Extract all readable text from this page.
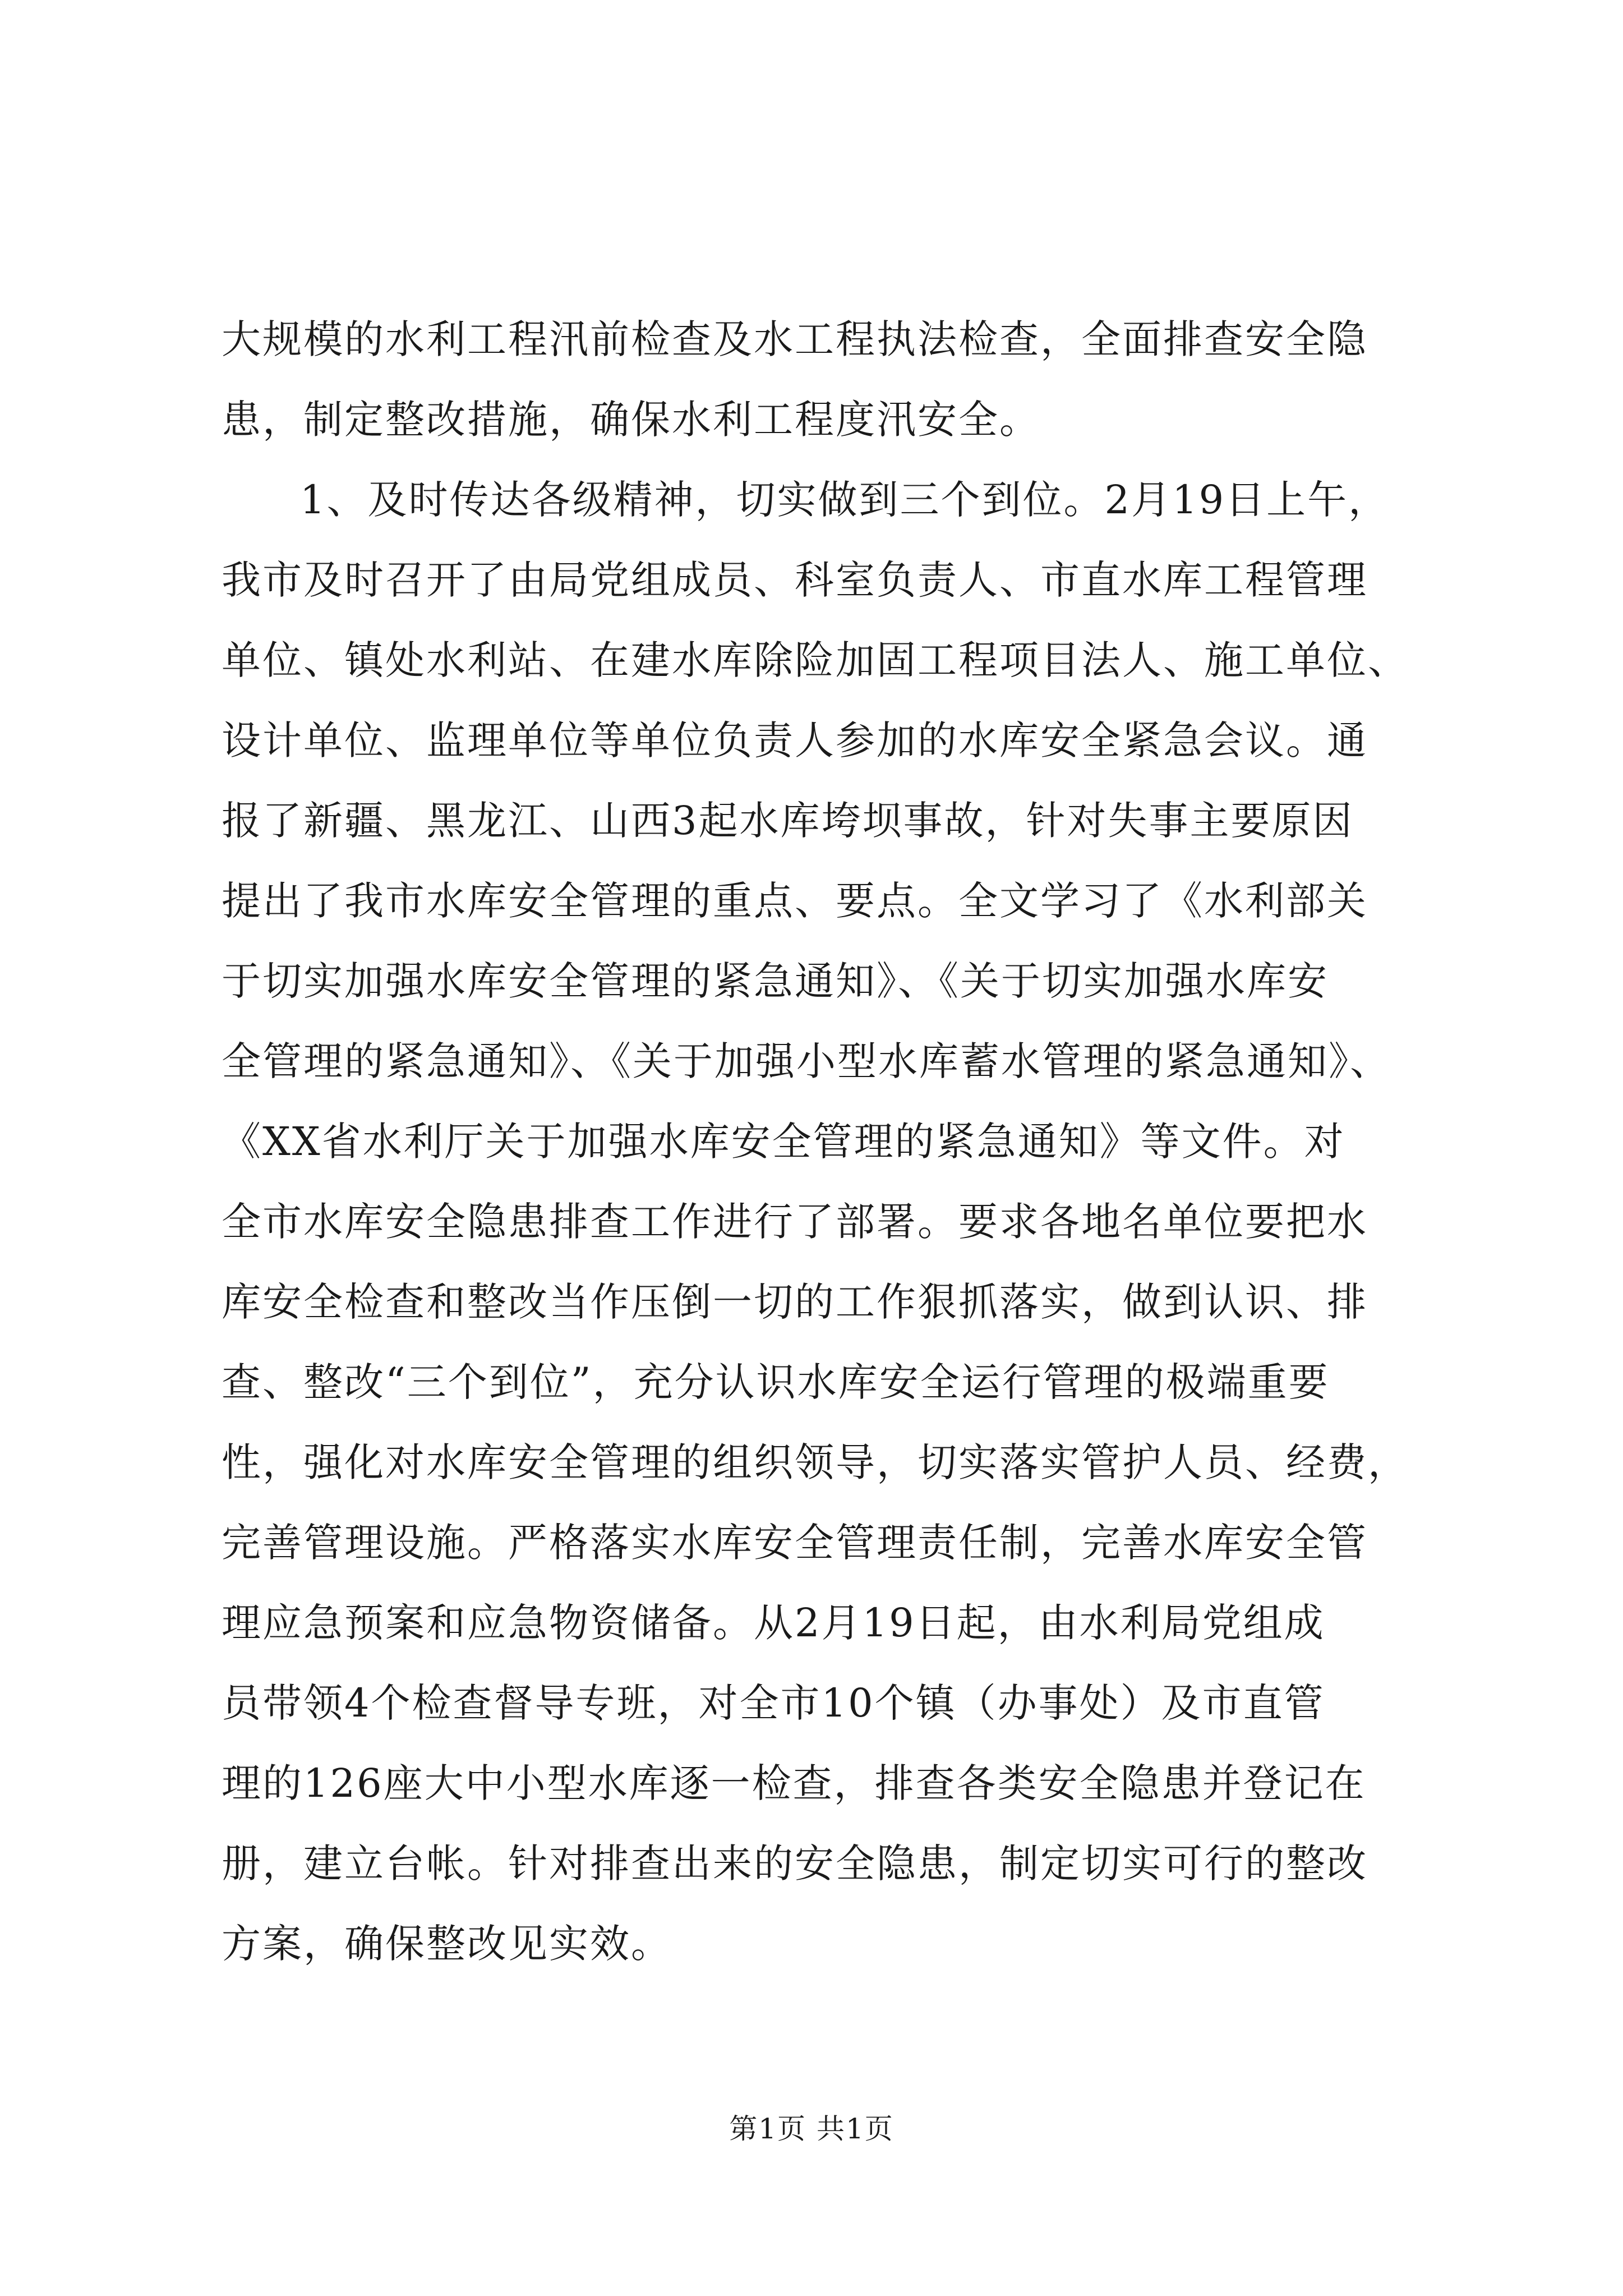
大规模的水利工程汛前检查及水工程执法检查，全面排查安全隐
患，制定整改措施，确保水利工程度汛安全。
1、及时传达各级精神，切实做到三个到位。2月19日上午，
我市及时召开了由局党组成员、科室负责人、市直水库工程管理
单位、镇处水利站、在建水库除险加固工程项目法人、施工单位、
设计单位、监理单位等单位负责人参加的水库安全紧急会议。通
报了新疆、黑龙江、山西3起水库垮坝事故，针对失事主要原因
提出了我市水库安全管理的重点、要点。全文学习了《水利部关
于切实加强水库安全管理的紧急通知》、《关于切实加强水库安
全管理的紧急通知》、《关于加强小型水库蓄水管理的紧急通知》、
《XX省水利厅关于加强水库安全管理的紧急通知》等文件。对
全市水库安全隐患排查工作进行了部署。要求各地名单位要把水
库安全检查和整改当作压倒一切的工作狠抓落实，做到认识、排
查、整改“三个到位”，充分认识水库安全运行管理的极端重要
性，强化对水库安全管理的组织领导，切实落实管护人员、经费，
完善管理设施。严格落实水库安全管理责任制，完善水库安全管
理应急预案和应急物资储备。从2月19日起，由水利局党组成
员带领4个检查督导专班，对全市10个镇（办事处）及市直管
理的126座大中小型水库逐一检查，排查各类安全隐患并登记在
册，建立台帐。针对排查出来的安全隐患，制定切实可行的整改
方案，确保整改见实效。
第1页 共1页
